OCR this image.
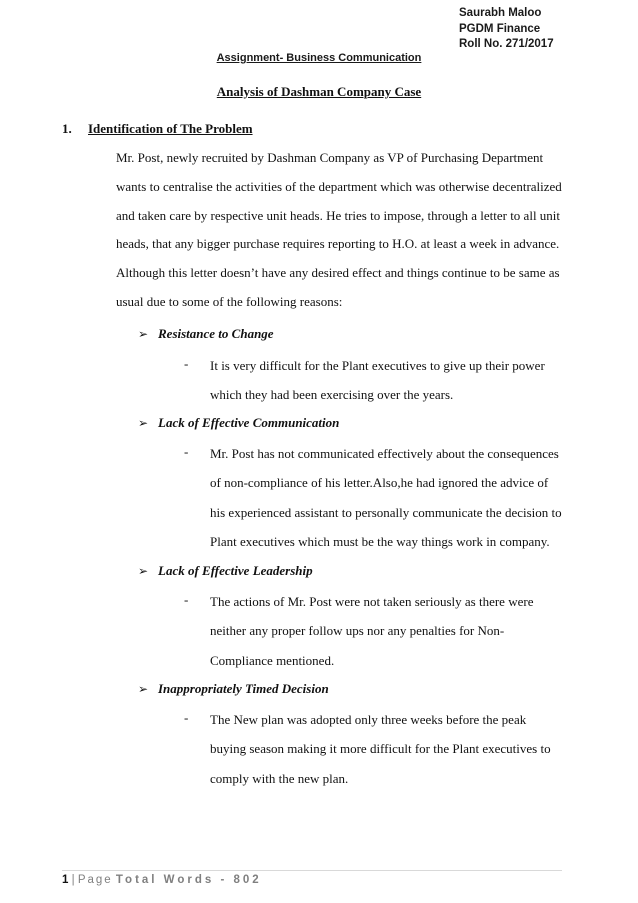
Saurabh Maloo
PGDM Finance
Roll No. 271/2017
Assignment- Business Communication
Analysis of Dashman Company Case
1. Identification of The Problem
Mr. Post, newly recruited by Dashman Company as VP of Purchasing Department
wants to centralise the activities of the department which was otherwise decentralized
and taken care by respective unit heads. He tries to impose, through a letter to all unit
heads, that any bigger purchase requires reporting to H.O. at least a week in advance.
Although this letter doesn’t have any desired effect and things continue to be same as
usual due to some of the following reasons:
➢ Resistance to Change
- It is very difficult for the Plant executives to give up their power
which they had been exercising over the years.
➢ Lack of Effective Communication
- Mr. Post has not communicated effectively about the consequences
of non-compliance of his letter.Also,he had ignored the advice of
his experienced assistant to personally communicate the decision to
Plant executives which must be the way things work in company.
➢ Lack of Effective Leadership
- The actions of Mr. Post were not taken seriously as there were
neither any proper follow ups nor any penalties for Non-
Compliance mentioned.
➢ Inappropriately Timed Decision
- The New plan was adopted only three weeks before the peak
buying season making it more difficult for the Plant executives to
comply with the new plan.
1 | Page Total Words - 802
